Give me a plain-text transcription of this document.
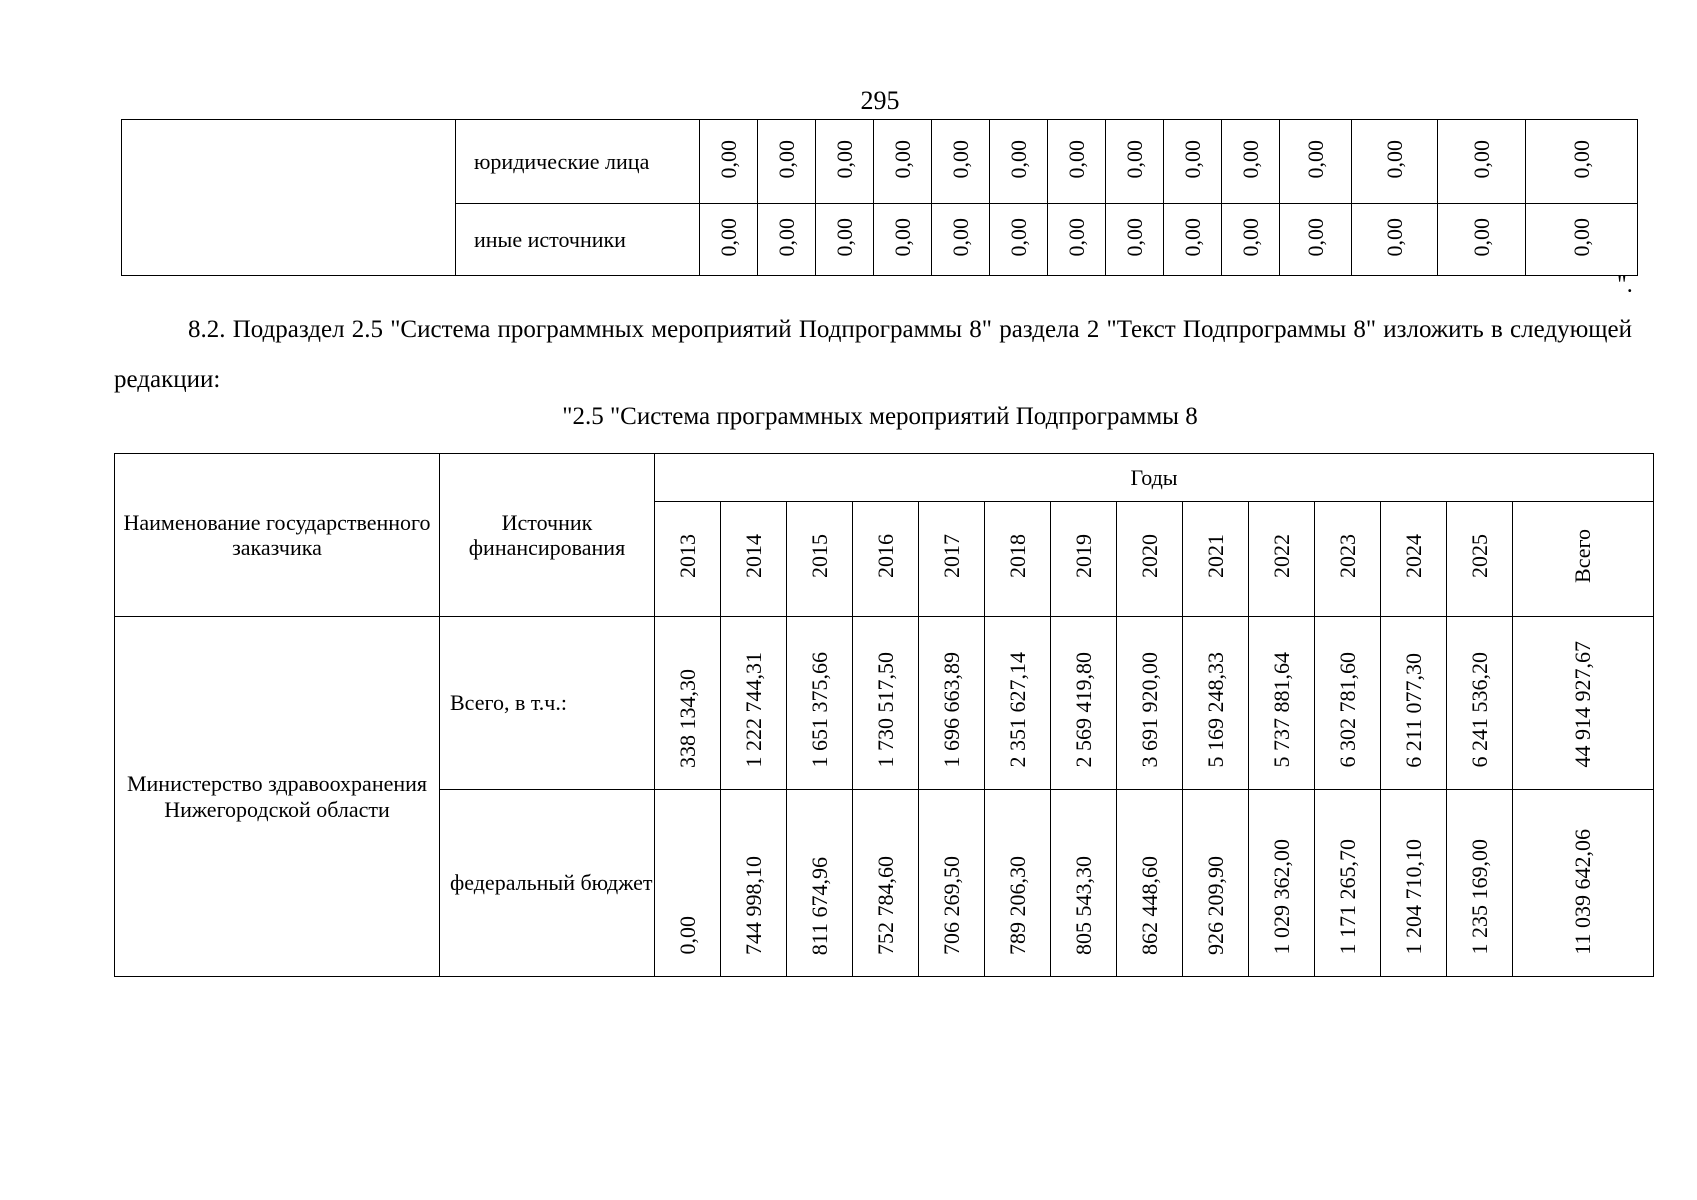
295
	юридические лица	0,00	0,00	0,00	0,00	0,00	0,00	0,00	0,00	0,00	0,00	0,00	0,00	0,00	0,00
	иные источники	0,00	0,00	0,00	0,00	0,00	0,00	0,00	0,00	0,00	0,00	0,00	0,00	0,00	0,00
".
8.2. Подраздел 2.5 "Система программных мероприятий Подпрограммы 8" раздела 2 "Текст Подпрограммы 8" изложить в следующей редакции:
"2.5 "Система программных мероприятий Подпрограммы 8
Наименование государственного заказчика	Источник финансирования	Годы													
		2013	2014	2015	2016	2017	2018	2019	2020	2021	2022	2023	2024	2025	Всего
Министерство здравоохранения Нижегородской области	Всего, в т.ч.:	338 134,30	1 222 744,31	1 651 375,66	1 730 517,50	1 696 663,89	2 351 627,14	2 569 419,80	3 691 920,00	5 169 248,33	5 737 881,64	6 302 781,60	6 211 077,30	6 241 536,20	44 914 927,67
	федеральный бюджет	0,00	744 998,10	811 674,96	752 784,60	706 269,50	789 206,30	805 543,30	862 448,60	926 209,90	1 029 362,00	1 171 265,70	1 204 710,10	1 235 169,00	11 039 642,06
